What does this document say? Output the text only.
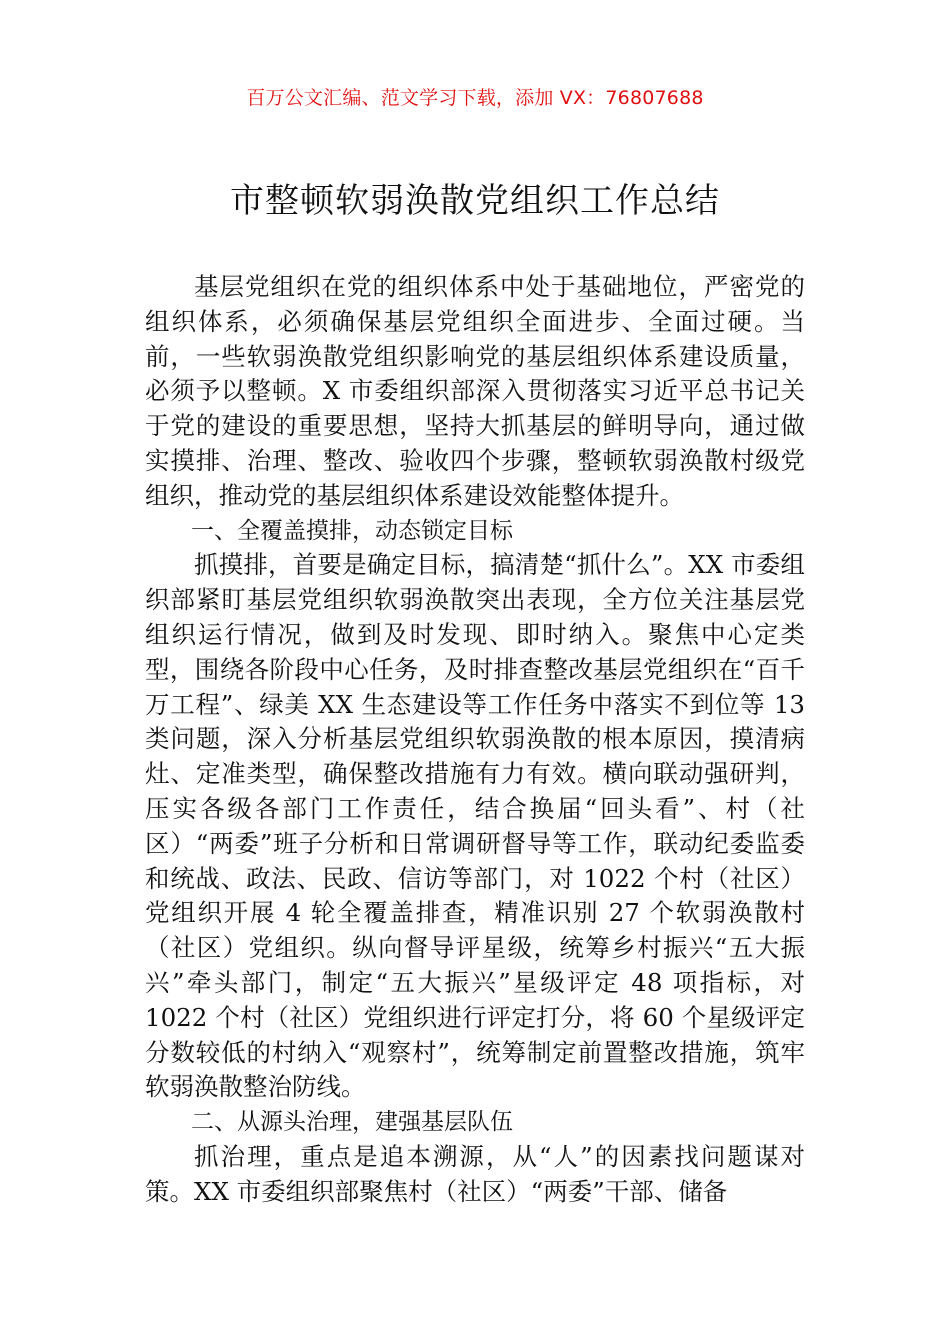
百万公文汇编、范文学习下载，添加 VX：76807688
市整顿软弱涣散党组织工作总结

基层党组织在党的组织体系中处于基础地位，严密党的组织体系，必须确保基层党组织全面进步、全面过硬。当前，一些软弱涣散党组织影响党的基层组织体系建设质量，必须予以整顿。X 市委组织部深入贯彻落实习近平总书记关于党的建设的重要思想，坚持大抓基层的鲜明导向，通过做实摸排、治理、整改、验收四个步骤，整顿软弱涣散村级党组织，推动党的基层组织体系建设效能整体提升。

一、全覆盖摸排，动态锁定目标

抓摸排，首要是确定目标，搞清楚“抓什么”。XX 市委组织部紧盯基层党组织软弱涣散突出表现，全方位关注基层党组织运行情况，做到及时发现、即时纳入。聚焦中心定类型，围绕各阶段中心任务，及时排查整改基层党组织在“百千万工程”、绿美 XX 生态建设等工作任务中落实不到位等 13 类问题，深入分析基层党组织软弱涣散的根本原因，摸清病灶、定准类型，确保整改措施有力有效。横向联动强研判，压实各级各部门工作责任，结合换届“回头看”、村（社区）“两委”班子分析和日常调研督导等工作，联动纪委监委和统战、政法、民政、信访等部门，对 1022 个村（社区）党组织开展 4 轮全覆盖排查，精准识别 27 个软弱涣散村（社区）党组织。纵向督导评星级，统筹乡村振兴“五大振兴”牵头部门，制定“五大振兴”星级评定 48 项指标，对 1022 个村（社区）党组织进行评定打分，将 60 个星级评定分数较低的村纳入“观察村”，统筹制定前置整改措施，筑牢软弱涣散整治防线。

二、从源头治理，建强基层队伍

抓治理，重点是追本溯源，从“人”的因素找问题谋对策。XX 市委组织部聚焦村（社区）“两委”干部、储备
